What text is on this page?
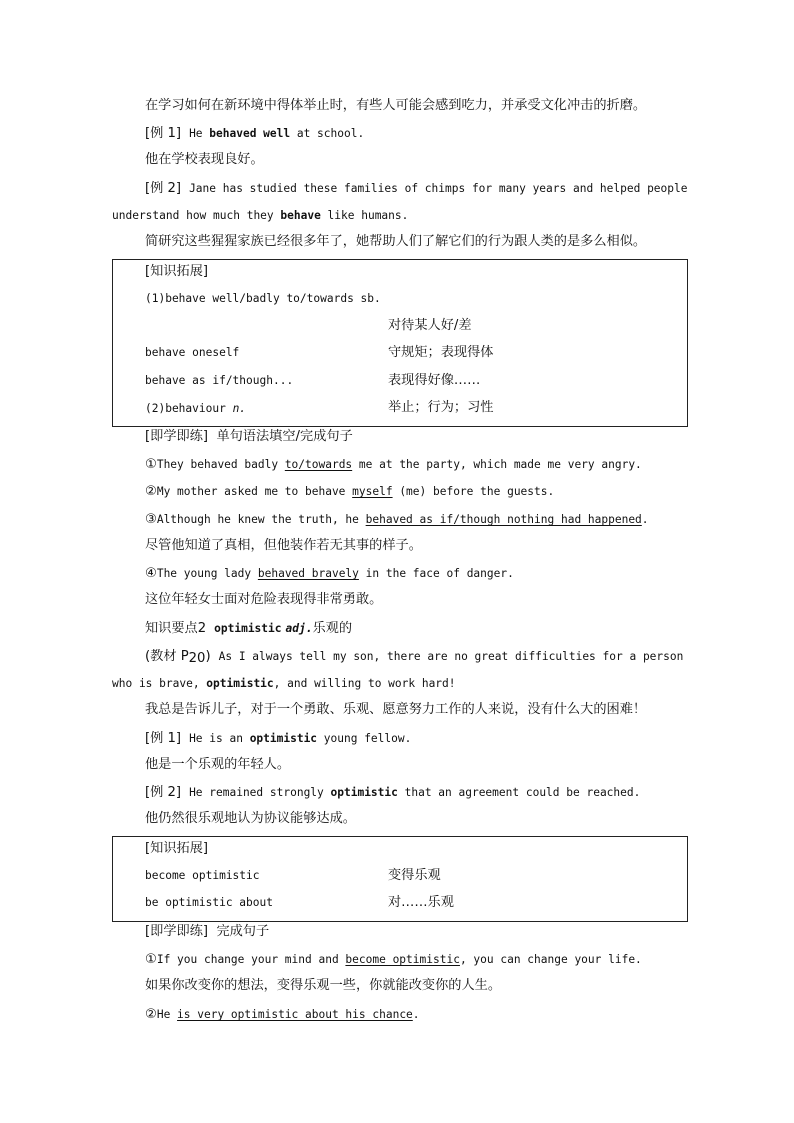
在学习如何在新环境中得体举止时，有些人可能会感到吃力，并承受文化冲击的折磨。
[例 1] He behaved well at school.
他在学校表现良好。
[例 2] Jane has studied these families of chimps for many years and helped people
understand how much they behave like humans.
简研究这些猩猩家族已经很多年了，她帮助人们了解它们的行为跟人类的是多么相似。
[知识拓展]
(1)behave well/badly to/towards sb.
对待某人好/差
behave oneself	守规矩；表现得体
behave as if/though...	表现得好像……
(2)behaviour n.	举止；行为；习性
[即学即练] 单句语法填空/完成句子
①They behaved badly to/towards me at the party, which made me very angry.
②My mother asked me to behave myself (me) before the guests.
③Although he knew the truth, he behaved as if/though nothing had happened.
尽管他知道了真相，但他装作若无其事的样子。
④The young lady behaved bravely in the face of danger.
这位年轻女士面对危险表现得非常勇敢。
知识要点2 optimistic adj.乐观的
(教材 $P_{20}$) As I always tell my son, there are no great difficulties for a person
who is brave, optimistic, and willing to work hard!
我总是告诉儿子，对于一个勇敢、乐观、愿意努力工作的人来说，没有什么大的困难！
[例 1] He is an optimistic young fellow.
他是一个乐观的年轻人。
[例 2] He remained strongly optimistic that an agreement could be reached.
他仍然很乐观地认为协议能够达成。
[知识拓展]
become optimistic	变得乐观
be optimistic about	对……乐观
[即学即练] 完成句子
①If you change your mind and become optimistic, you can change your life.
如果你改变你的想法，变得乐观一些，你就能改变你的人生。
②He is very optimistic about his chance.
